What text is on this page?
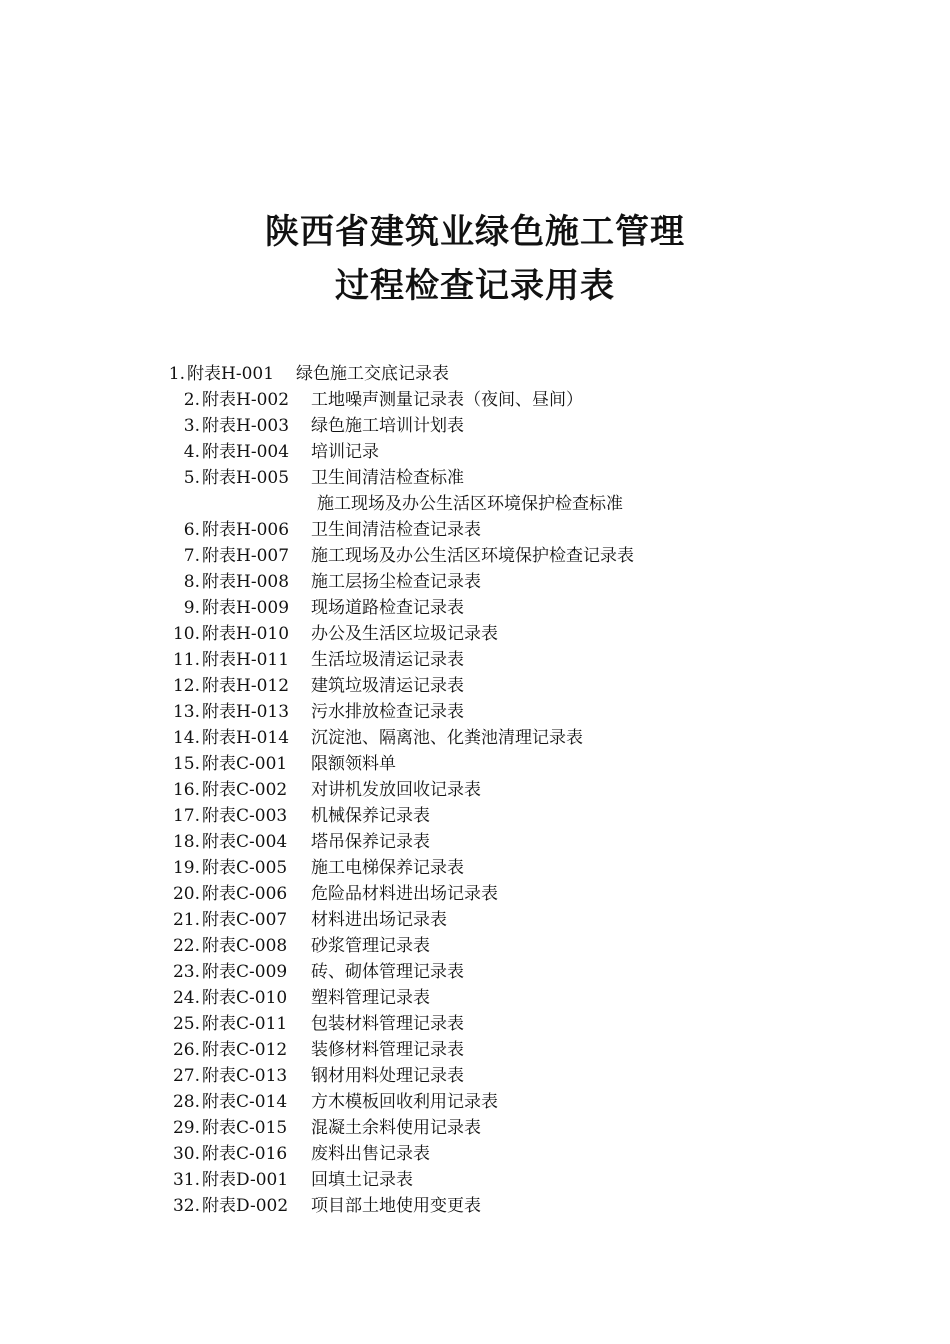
陕西省建筑业绿色施工管理
过程检查记录用表
1. 附表H-001 绿色施工交底记录表
2. 附表H-002 工地噪声测量记录表（夜间、昼间）
3. 附表H-003 绿色施工培训计划表
4. 附表H-004 培训记录
5. 附表H-005 卫生间清洁检查标准
施工现场及办公生活区环境保护检查标准
6. 附表H-006 卫生间清洁检查记录表
7. 附表H-007 施工现场及办公生活区环境保护检查记录表
8. 附表H-008 施工层扬尘检查记录表
9. 附表H-009 现场道路检查记录表
10. 附表H-010 办公及生活区垃圾记录表
11. 附表H-011 生活垃圾清运记录表
12. 附表H-012 建筑垃圾清运记录表
13. 附表H-013 污水排放检查记录表
14. 附表H-014 沉淀池、隔离池、化粪池清理记录表
15. 附表C-001 限额领料单
16. 附表C-002 对讲机发放回收记录表
17. 附表C-003 机械保养记录表
18. 附表C-004 塔吊保养记录表
19. 附表C-005 施工电梯保养记录表
20. 附表C-006 危险品材料进出场记录表
21. 附表C-007 材料进出场记录表
22. 附表C-008 砂浆管理记录表
23. 附表C-009 砖、砌体管理记录表
24. 附表C-010 塑料管理记录表
25. 附表C-011 包装材料管理记录表
26. 附表C-012 装修材料管理记录表
27. 附表C-013 钢材用料处理记录表
28. 附表C-014 方木模板回收利用记录表
29. 附表C-015 混凝土余料使用记录表
30. 附表C-016 废料出售记录表
31. 附表D-001 回填土记录表
32. 附表D-002 项目部土地使用变更表
